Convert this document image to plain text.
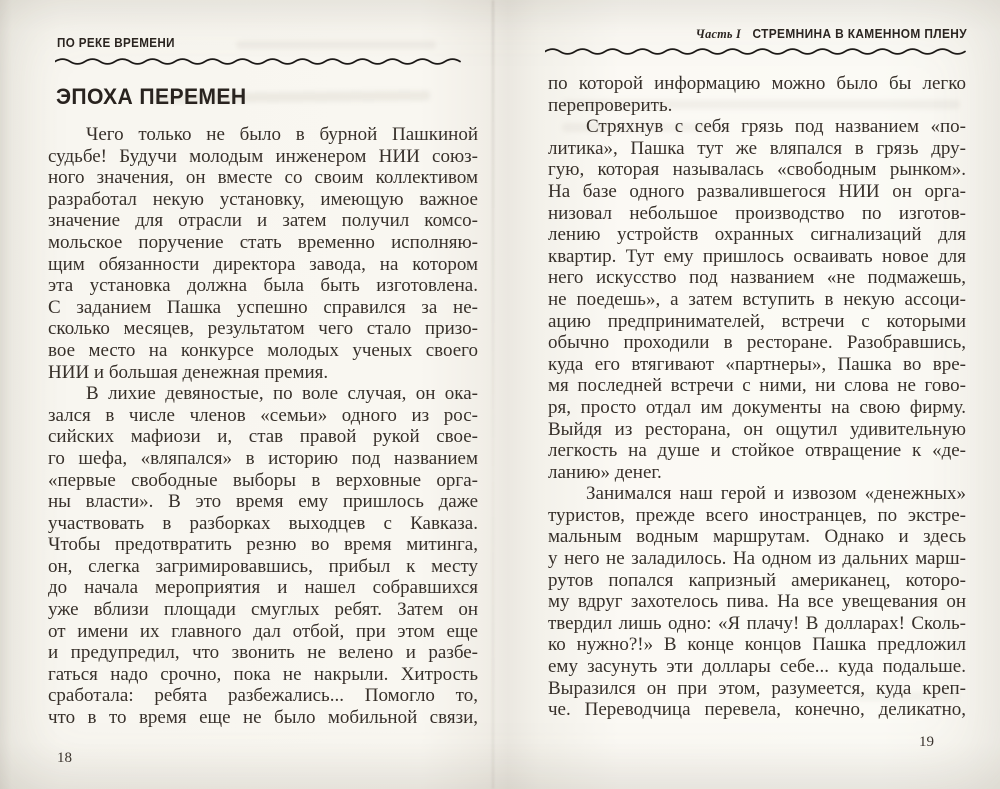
ПО РЕКЕ ВРЕМЕНИ
ЭПОХА ПЕРЕМЕН
Чего только не было в бурной Пашкиной
судьбе! Будучи молодым инженером НИИ союз-
ного значения, он вместе со своим коллективом
разработал некую установку, имеющую важное
значение для отрасли и затем получил комсо-
мольское поручение стать временно исполняю-
щим обязанности директора завода, на котором
эта установка должна была быть изготовлена.
С заданием Пашка успешно справился за не-
сколько месяцев, результатом чего стало призо-
вое место на конкурсе молодых ученых своего
НИИ и большая денежная премия.
В лихие девяностые, по воле случая, он ока-
зался в числе членов «семьи» одного из рос-
сийских мафиози и, став правой рукой свое-
го шефа, «вляпался» в историю под названием
«первые свободные выборы в верховные орга-
ны власти». В это время ему пришлось даже
участвовать в разборках выходцев с Кавказа.
Чтобы предотвратить резню во время митинга,
он, слегка загримировавшись, прибыл к месту
до начала мероприятия и нашел собравшихся
уже вблизи площади смуглых ребят. Затем он
от имени их главного дал отбой, при этом еще
и предупредил, что звонить не велено и разбе-
гаться надо срочно, пока не накрыли. Хитрость
сработала: ребята разбежались... Помогло то,
что в то время еще не было мобильной связи,
18
Часть I СТРЕМНИНА В КАМЕННОМ ПЛЕНУ
по которой информацию можно было бы легко
перепроверить.
Стряхнув с себя грязь под названием «по-
литика», Пашка тут же вляпался в грязь дру-
гую, которая называлась «свободным рынком».
На базе одного развалившегося НИИ он орга-
низовал небольшое производство по изготов-
лению устройств охранных сигнализаций для
квартир. Тут ему пришлось осваивать новое для
него искусство под названием «не подмажешь,
не поедешь», а затем вступить в некую ассоци-
ацию предпринимателей, встречи с которыми
обычно проходили в ресторане. Разобравшись,
куда его втягивают «партнеры», Пашка во вре-
мя последней встречи с ними, ни слова не гово-
ря, просто отдал им документы на свою фирму.
Выйдя из ресторана, он ощутил удивительную
легкость на душе и стойкое отвращение к «де-
ланию» денег.
Занимался наш герой и извозом «денежных»
туристов, прежде всего иностранцев, по экстре-
мальным водным маршрутам. Однако и здесь
у него не заладилось. На одном из дальних марш-
рутов попался капризный американец, которо-
му вдруг захотелось пива. На все увещевания он
твердил лишь одно: «Я плачу! В долларах! Сколь-
ко нужно?!» В конце концов Пашка предложил
ему засунуть эти доллары себе... куда подальше.
Выразился он при этом, разумеется, куда креп-
че. Переводчица перевела, конечно, деликатно,
19
